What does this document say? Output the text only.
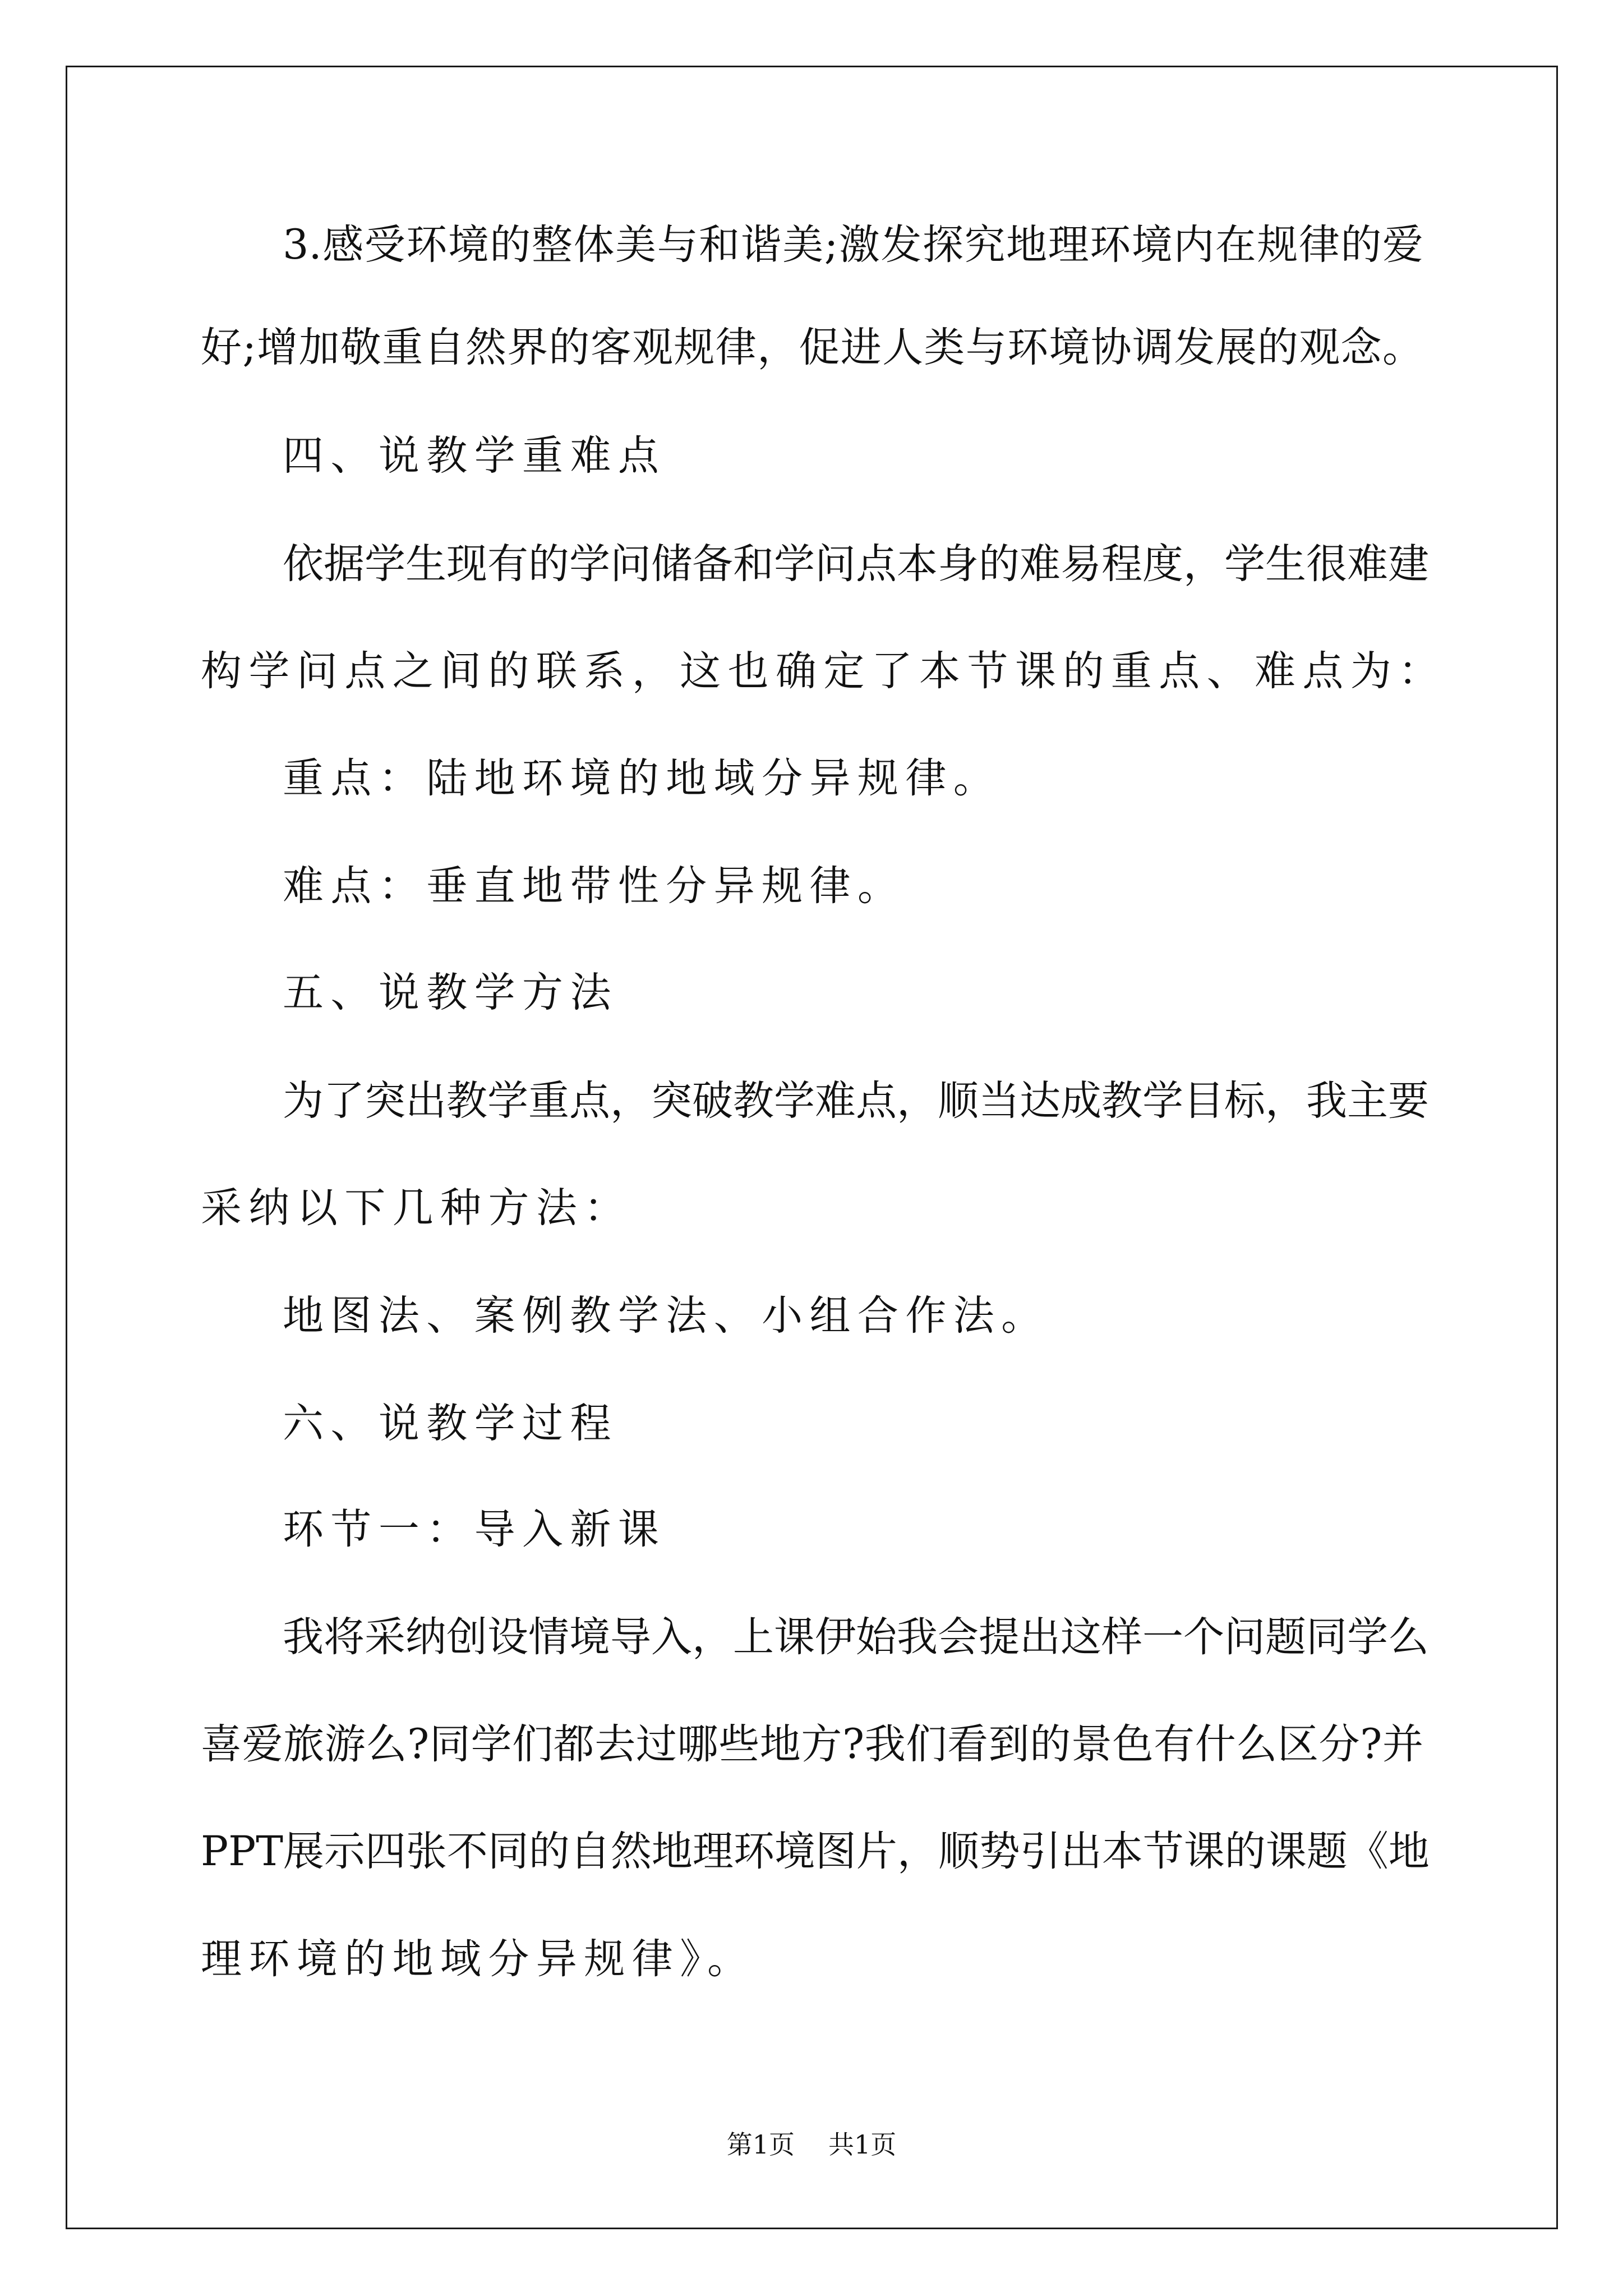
3.感受环境的整体美与和谐美;激发探究地理环境内在规律的爱
好;增加敬重自然界的客观规律，促进人类与环境协调发展的观念。
四、说教学重难点
依据学生现有的学问储备和学问点本身的难易程度，学生很难建
构学问点之间的联系，这也确定了本节课的重点、难点为：
重点：陆地环境的地域分异规律。
难点：垂直地带性分异规律。
五、说教学方法
为了突出教学重点，突破教学难点，顺当达成教学目标，我主要
采纳以下几种方法：
地图法、案例教学法、小组合作法。
六、说教学过程
环节一：导入新课
我将采纳创设情境导入，上课伊始我会提出这样一个问题同学么
喜爱旅游么?同学们都去过哪些地方?我们看到的景色有什么区分?并
PPT展示四张不同的自然地理环境图片，顺势引出本节课的课题《地
理环境的地域分异规律》。
第1页 共1页
